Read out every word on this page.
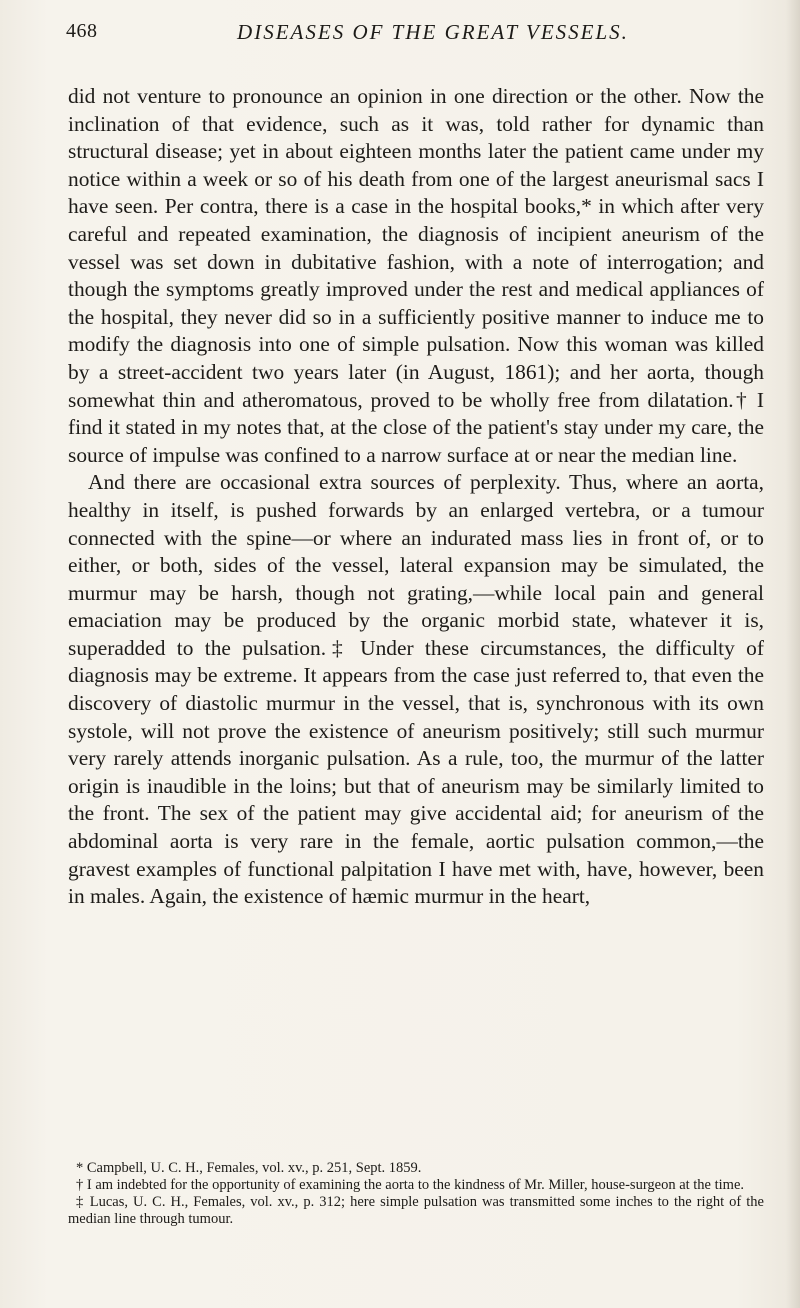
468	DISEASES OF THE GREAT VESSELS.

did not venture to pronounce an opinion in one direction or the other. Now the inclination of that evidence, such as it was, told rather for dynamic than structural disease; yet in about eighteen months later the patient came under my notice within a week or so of his death from one of the largest aneurismal sacs I have seen. Per contra, there is a case in the hospital books,* in which after very careful and repeated examination, the diagnosis of incipient aneurism of the vessel was set down in dubitative fashion, with a note of interrogation; and though the symptoms greatly improved under the rest and medical appliances of the hospital, they never did so in a sufficiently positive manner to induce me to modify the diagnosis into one of simple pulsation. Now this woman was killed by a street-accident two years later (in August, 1861); and her aorta, though somewhat thin and atheromatous, proved to be wholly free from dilatation.† I find it stated in my notes that, at the close of the patient's stay under my care, the source of impulse was confined to a narrow surface at or near the median line.

And there are occasional extra sources of perplexity. Thus, where an aorta, healthy in itself, is pushed forwards by an enlarged vertebra, or a tumour connected with the spine—or where an indurated mass lies in front of, or to either, or both, sides of the vessel, lateral expansion may be simulated, the murmur may be harsh, though not grating,—while local pain and general emaciation may be produced by the organic morbid state, whatever it is, superadded to the pulsation.‡ Under these circumstances, the difficulty of diagnosis may be extreme. It appears from the case just referred to, that even the discovery of diastolic murmur in the vessel, that is, synchronous with its own systole, will not prove the existence of aneurism positively; still such murmur very rarely attends inorganic pulsation. As a rule, too, the murmur of the latter origin is inaudible in the loins; but that of aneurism may be similarly limited to the front. The sex of the patient may give accidental aid; for aneurism of the abdominal aorta is very rare in the female, aortic pulsation common,—the gravest examples of functional palpitation I have met with, have, however, been in males. Again, the existence of hæmic murmur in the heart,

* Campbell, U. C. H., Females, vol. xv., p. 251, Sept. 1859.

† I am indebted for the opportunity of examining the aorta to the kindness of Mr. Miller, house-surgeon at the time.

‡ Lucas, U. C. H., Females, vol. xv., p. 312; here simple pulsation was transmitted some inches to the right of the median line through tumour.
